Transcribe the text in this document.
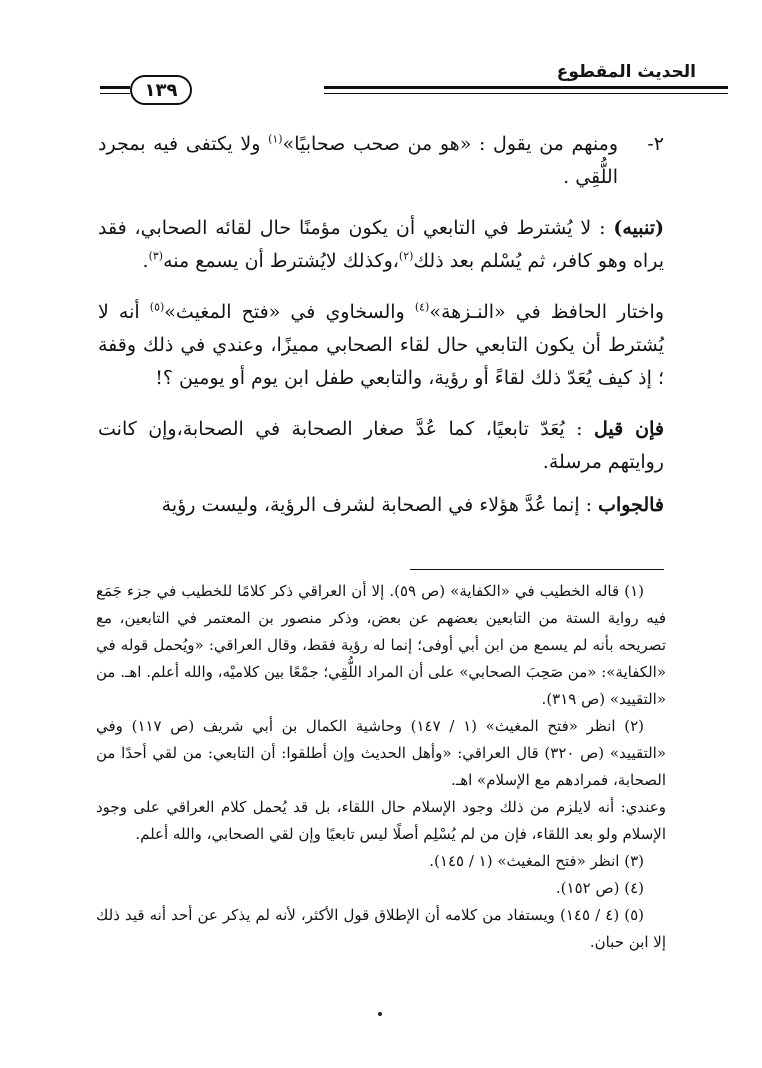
الحديث المقطوع
١٣٩

٢-
ومنهم من يقول : «هو من صحب صحابيًا»$^{(١)}$ ولا يكتفى فيه بمجرد اللُّقِي .

(تنبيه) : لا يُشترط في التابعي أن يكون مؤمنًا حال لقائه الصحابي، فقد يراه وهو كافر، ثم يُسْلم بعد ذلك$^{(٢)}$،وكذلك لايُشترط أن يسمع منه$^{(٣)}$.

واختار الحافظ في «النـزهة»$^{(٤)}$ والسخاوي في «فتح المغيث»$^{(٥)}$ أنه لا يُشترط أن يكون التابعي حال لقاء الصحابي مميزًا، وعندي في ذلك وقفة ؛ إذ كيف يُعَدّ ذلك لقاءً أو رؤية، والتابعي طفل ابن يوم أو يومين ؟!

فإن قيل : يُعَدّ تابعيًا، كما عُدَّ صغار الصحابة في الصحابة،وإن كانت روايتهم مرسلة.

فالجواب : إنما عُدَّ هؤلاء في الصحابة لشرف الرؤية، وليست رؤية

(١) قاله الخطيب في «الكفاية» (ص ٥٩). إلا أن العراقي ذكر كلامًا للخطيب في جزء جَمَع فيه رواية الستة من التابعين بعضهم عن بعض، وذكر منصور بن المعتمر في التابعين، مع تصريحه بأنه لم يسمع من ابن أبي أوفى؛ إنما له رؤية فقط، وقال العراقي: «ويُحمل قوله في «الكفاية»: «من صَحِبَ الصحابي» على أن المراد اللُّقِي؛ جمْعًا بين كلاميْه، والله أعلم. اهـ. من «التقييد» (ص ٣١٩).

(٢) انظر «فتح المغيث» (١ / ١٤٧) وحاشية الكمال بن أبي شريف (ص ١١٧) وفي «التقييد» (ص ٣٢٠) قال العراقي: «وأهل الحديث وإن أطلقوا: أن التابعي: من لقي أحدًا من الصحابة، فمرادهم مع الإسلام» اهـ.

وعندي: أنه لايلزم من ذلك وجود الإسلام حال اللقاء، بل قد يُحمل كلام العراقي على وجود الإسلام ولو بعد اللقاء، فإن من لم يُسْلِم أصلًا ليس تابعيًا وإن لقي الصحابي، والله أعلم.

(٣) انظر «فتح المغيث» (١ / ١٤٥).

(٤) (ص ١٥٢).

(٥) (٤ / ١٤٥) ويستفاد من كلامه أن الإطلاق قول الأكثر، لأنه لم يذكر عن أحد أنه قيد ذلك إلا ابن حبان.
